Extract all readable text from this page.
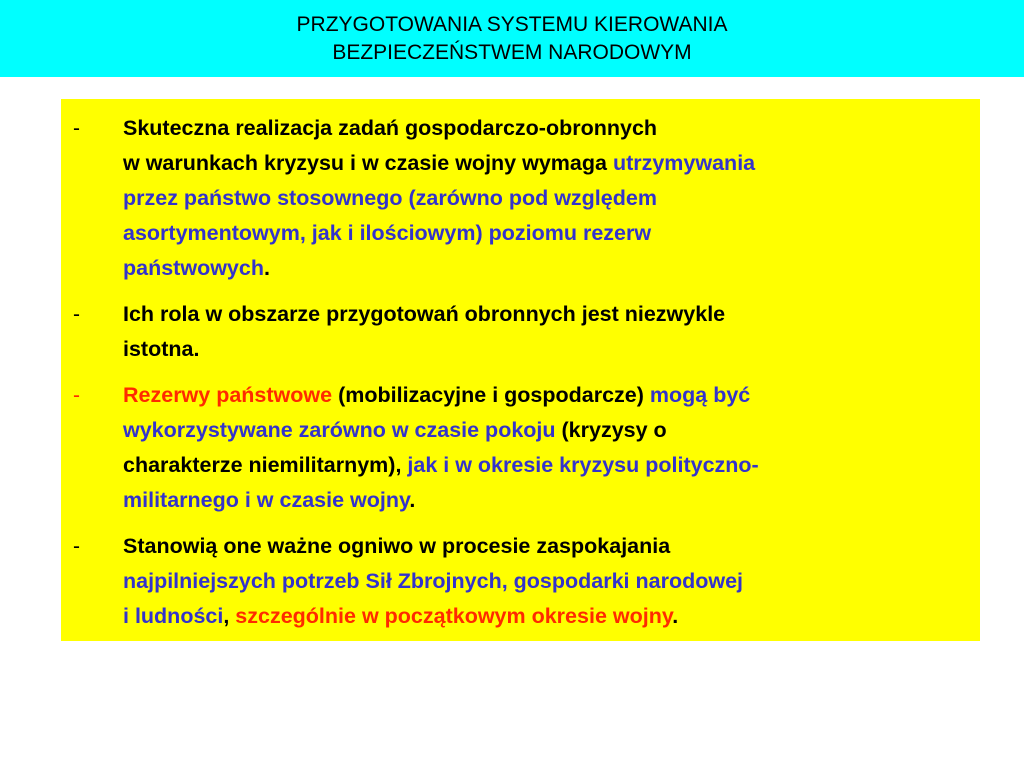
PRZYGOTOWANIA SYSTEMU KIEROWANIA
BEZPIECZEŃSTWEM NARODOWYM
- Skuteczna realizacja zadań gospodarczo-obronnych
w warunkach kryzysu i w czasie wojny wymaga utrzymywania
przez państwo stosownego (zarówno pod względem
asortymentowym, jak i ilościowym) poziomu rezerw
państwowych.
- Ich rola w obszarze przygotowań obronnych jest niezwykle
istotna.
- Rezerwy państwowe (mobilizacyjne i gospodarcze) mogą być
wykorzystywane zarówno w czasie pokoju (kryzysy o
charakterze niemilitarnym), jak i w okresie kryzysu polityczno-
militarnego i w czasie wojny.
- Stanowią one ważne ogniwo w procesie zaspokajania
najpilniejszych potrzeb Sił Zbrojnych, gospodarki narodowej
i ludności, szczególnie w początkowym okresie wojny.
